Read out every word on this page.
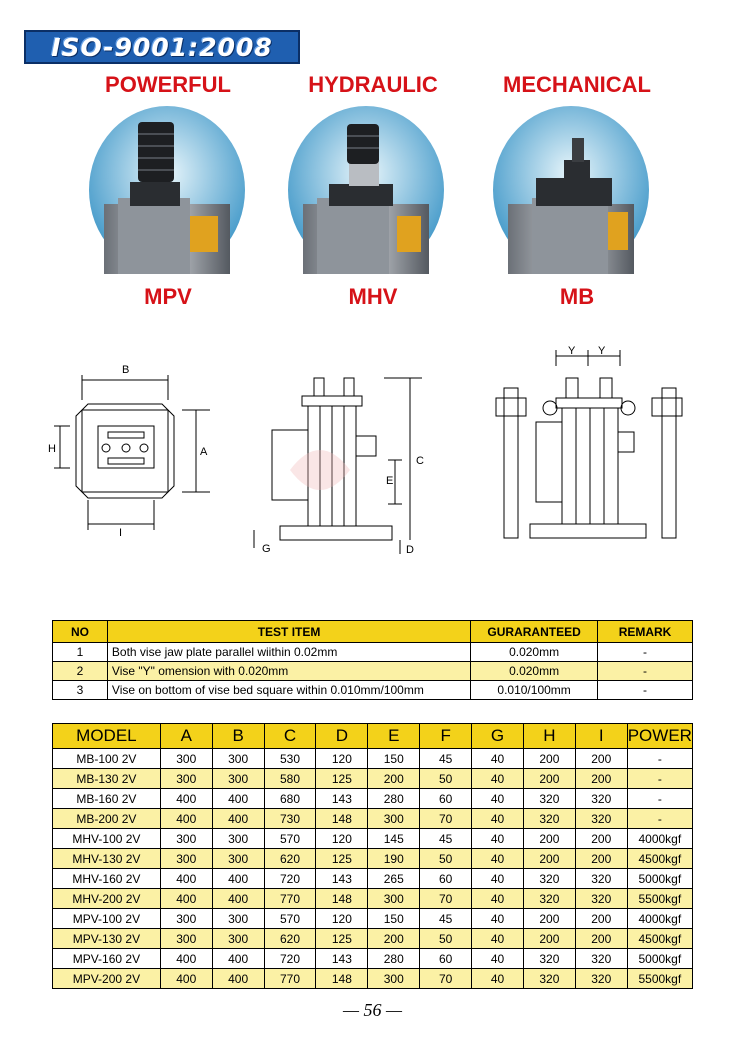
ISO-9001:2008
POWERFUL	HYDRAULIC	MECHANICAL
MPV	MHV	MB
B
H	A
I
C
E
G	D
Y Y
NO	TEST ITEM	GURARANTEED	REMARK
1	Both vise jaw plate parallel wiithin 0.02mm	0.020mm	-
2	Vise "Y" omension with 0.020mm	0.020mm	-
3	Vise on bottom of vise bed square within 0.010mm/100mm	0.010/100mm	-
MODEL	A	B	C	D	E	F	G	H	I	POWER
MB-100 2V	300	300	530	120	150	45	40	200	200	-
MB-130 2V	300	300	580	125	200	50	40	200	200	-
MB-160 2V	400	400	680	143	280	60	40	320	320	-
MB-200 2V	400	400	730	148	300	70	40	320	320	-
MHV-100 2V	300	300	570	120	145	45	40	200	200	4000kgf
MHV-130 2V	300	300	620	125	190	50	40	200	200	4500kgf
MHV-160 2V	400	400	720	143	265	60	40	320	320	5000kgf
MHV-200 2V	400	400	770	148	300	70	40	320	320	5500kgf
MPV-100 2V	300	300	570	120	150	45	40	200	200	4000kgf
MPV-130 2V	300	300	620	125	200	50	40	200	200	4500kgf
MPV-160 2V	400	400	720	143	280	60	40	320	320	5000kgf
MPV-200 2V	400	400	770	148	300	70	40	320	320	5500kgf
— 56 —
